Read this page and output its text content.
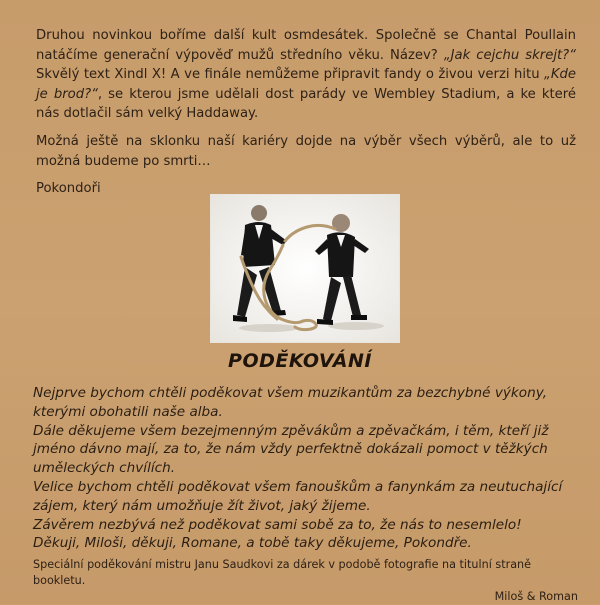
Druhou novinkou boříme další kult osmdesátek. Společně se Chantal Poullain natáčíme generační výpověď mužů středního věku. Název? „Jak cejchu skrejt?“ Skvělý text Xindl X! A ve finále nemůžeme připravit fandy o živou verzi hitu „Kde je brod?“, se kterou jsme udělali dost parády ve Wembley Stadium, a ke které nás dotlačil sám velký Haddaway.

Možná ještě na sklonku naší kariéry dojde na výběr všech výběrů, ale to už možná budeme po smrti…

Pokondoři

PODĚKOVÁNÍ

Nejprve bychom chtěli poděkovat všem muzikantům za bezchybné výkony, kterými obohatili naše alba.

Dále děkujeme všem bezejmenným zpěvákům a zpěvačkám, i těm, kteří již jméno dávno mají, za to, že nám vždy perfektně dokázali pomoct v těžkých uměleckých chvílích.

Velice bychom chtěli poděkovat všem fanouškům a fanynkám za neutuchající zájem, který nám umožňuje žít život, jaký žijeme.

Závěrem nezbývá než poděkovat sami sobě za to, že nás to nesemlelo!

Děkuji, Miloši, děkuji, Romane, a tobě taky děkujeme, Pokondře.

Speciální poděkování mistru Janu Saudkovi za dárek v podobě fotografie na titulní straně bookletu.

Miloš & Roman
